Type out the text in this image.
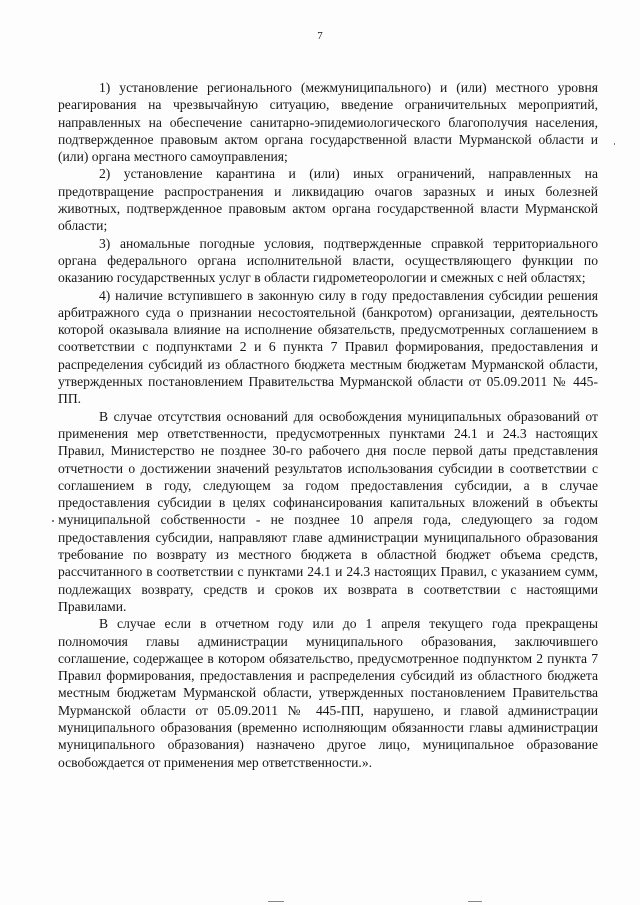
7

1) установление регионального (межмуниципального) и (или) местного уровня реагирования на чрезвычайную ситуацию, введение ограничительных мероприятий, направленных на обеспечение санитарно-эпидемиологического благополучия населения, подтвержденное правовым актом органа государственной власти Мурманской области и (или) органа местного самоуправления;

2) установление карантина и (или) иных ограничений, направленных на предотвращение распространения и ликвидацию очагов заразных и иных болезней животных, подтвержденное правовым актом органа государственной власти Мурманской области;

3) аномальные погодные условия, подтвержденные справкой территориального органа федерального органа исполнительной власти, осуществляющего функции по оказанию государственных услуг в области гидрометеорологии и смежных с ней областях;

4) наличие вступившего в законную силу в году предоставления субсидии решения арбитражного суда о признании несостоятельной (банкротом) организации, деятельность которой оказывала влияние на исполнение обязательств, предусмотренных соглашением в соответствии с подпунктами 2 и 6 пункта 7 Правил формирования, предоставления и распределения субсидий из областного бюджета местным бюджетам Мурманской области, утвержденных постановлением Правительства Мурманской области от 05.09.2011 № 445-ПП.

В случае отсутствия оснований для освобождения муниципальных образований от применения мер ответственности, предусмотренных пунктами 24.1 и 24.3 настоящих Правил, Министерство не позднее 30-го рабочего дня после первой даты представления отчетности о достижении значений результатов использования субсидии в соответствии с соглашением в году, следующем за годом предоставления субсидии, а в случае предоставления субсидии в целях софинансирования капитальных вложений в объекты муниципальной собственности - не позднее 10 апреля года, следующего за годом предоставления субсидии, направляют главе администрации муниципального образования требование по возврату из местного бюджета в областной бюджет объема средств, рассчитанного в соответствии с пунктами 24.1 и 24.3 настоящих Правил, с указанием сумм, подлежащих возврату, средств и сроков их возврата в соответствии с настоящими Правилами.

В случае если в отчетном году или до 1 апреля текущего года прекращены полномочия главы администрации муниципального образования, заключившего соглашение, содержащее в котором обязательство, предусмотренное подпунктом 2 пункта 7 Правил формирования, предоставления и распределения субсидий из областного бюджета местным бюджетам Мурманской области, утвержденных постановлением Правительства Мурманской области от 05.09.2011 № 445-ПП, нарушено, и главой администрации муниципального образования (временно исполняющим обязанности главы администрации муниципального образования) назначено другое лицо, муниципальное образование освобождается от применения мер ответственности.».
